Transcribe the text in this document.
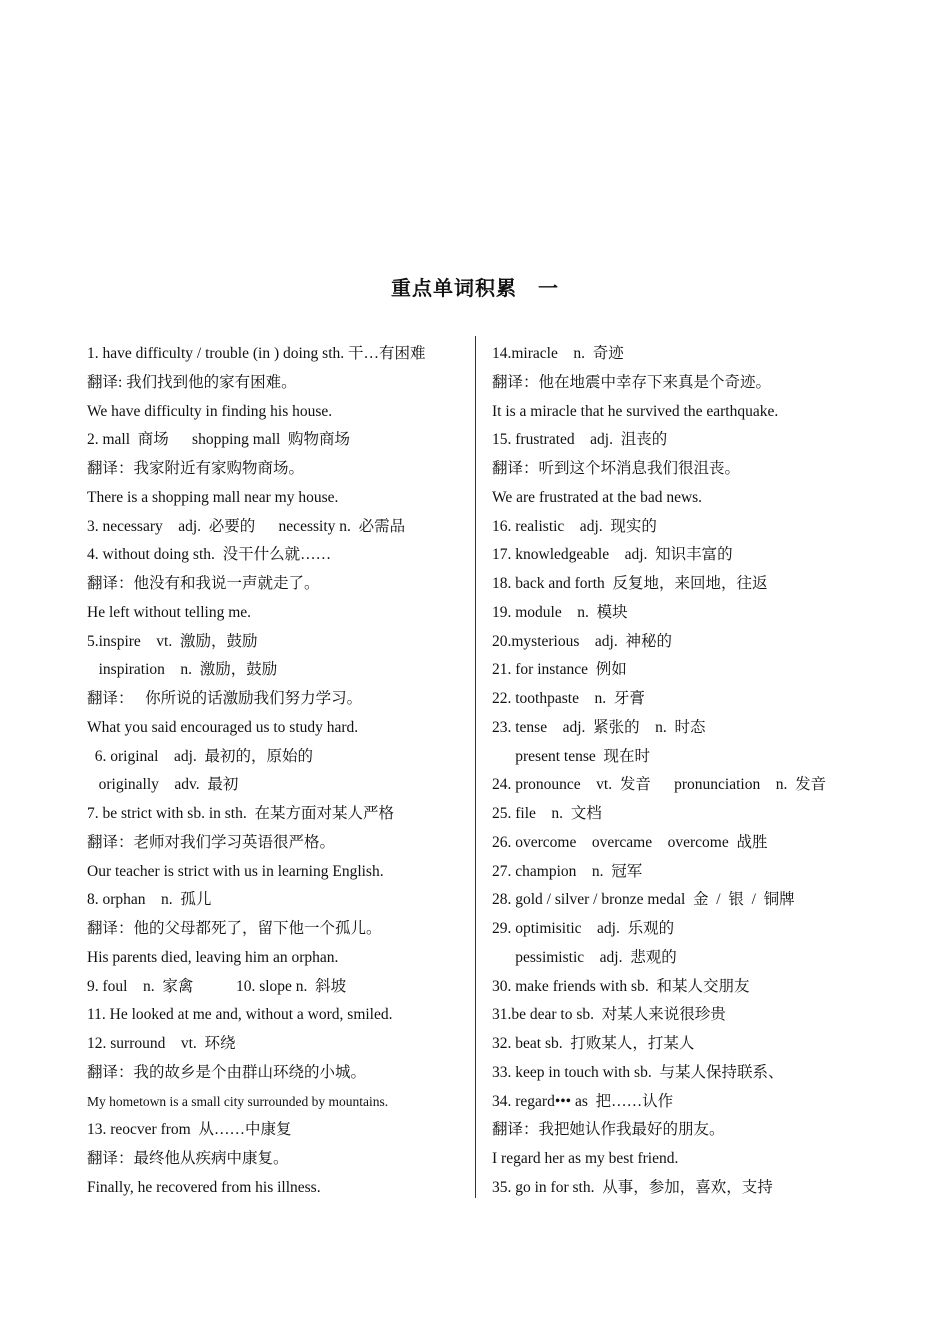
重点单词积累　一
1. have difficulty / trouble (in ) doing sth. 干…有困难
翻译: 我们找到他的家有困难。
We have difficulty in finding his house.
2. mall  商场      shopping mall  购物商场
翻译：我家附近有家购物商场。
There is a shopping mall near my house.
3. necessary    adj.  必要的      necessity n.  必需品
4. without doing sth.  没干什么就……
翻译：他没有和我说一声就走了。
He left without telling me.
5.inspire    vt.  激励，鼓励
inspiration    n.  激励，鼓励
翻译：   你所说的话激励我们努力学习。
What you said encouraged us to study hard.
6. original    adj.  最初的，原始的
originally    adv.  最初
7. be strict with sb. in sth.  在某方面对某人严格
翻译：老师对我们学习英语很严格。
Our teacher is strict with us in learning English.
8. orphan    n.  孤儿
翻译：他的父母都死了，留下他一个孤儿。
His parents died, leaving him an orphan.
9. foul    n.  家禽           10. slope n.  斜坡
11. He looked at me and, without a word, smiled.
12. surround    vt.  环绕
翻译：我的故乡是个由群山环绕的小城。
My hometown is a small city surrounded by mountains.
13. reocver from  从……中康复
翻译：最终他从疾病中康复。
Finally, he recovered from his illness.
14.miracle    n.  奇迹
翻译：他在地震中幸存下来真是个奇迹。
It is a miracle that he survived the earthquake.
15. frustrated    adj.  沮丧的
翻译：听到这个坏消息我们很沮丧。
We are frustrated at the bad news.
16. realistic    adj.  现实的
17. knowledgeable    adj.  知识丰富的
18. back and forth  反复地，来回地，往返
19. module    n.  模块
20.mysterious    adj.  神秘的
21. for instance  例如
22. toothpaste    n.  牙膏
23. tense    adj.  紧张的    n.  时态
present tense  现在时
24. pronounce    vt.  发音      pronunciation    n.  发音
25. file    n.  文档
26. overcome    overcame    overcome  战胜
27. champion    n.  冠军
28. gold / silver / bronze medal  金  /  银  /  铜牌
29. optimisitic    adj.  乐观的
pessimistic    adj.  悲观的
30. make friends with sb.  和某人交朋友
31.be dear to sb.  对某人来说很珍贵
32. beat sb.  打败某人，打某人
33. keep in touch with sb.  与某人保持联系、
34. regard••• as  把……认作
翻译：我把她认作我最好的朋友。
I regard her as my best friend.
35. go in for sth.  从事，参加，喜欢，支持
